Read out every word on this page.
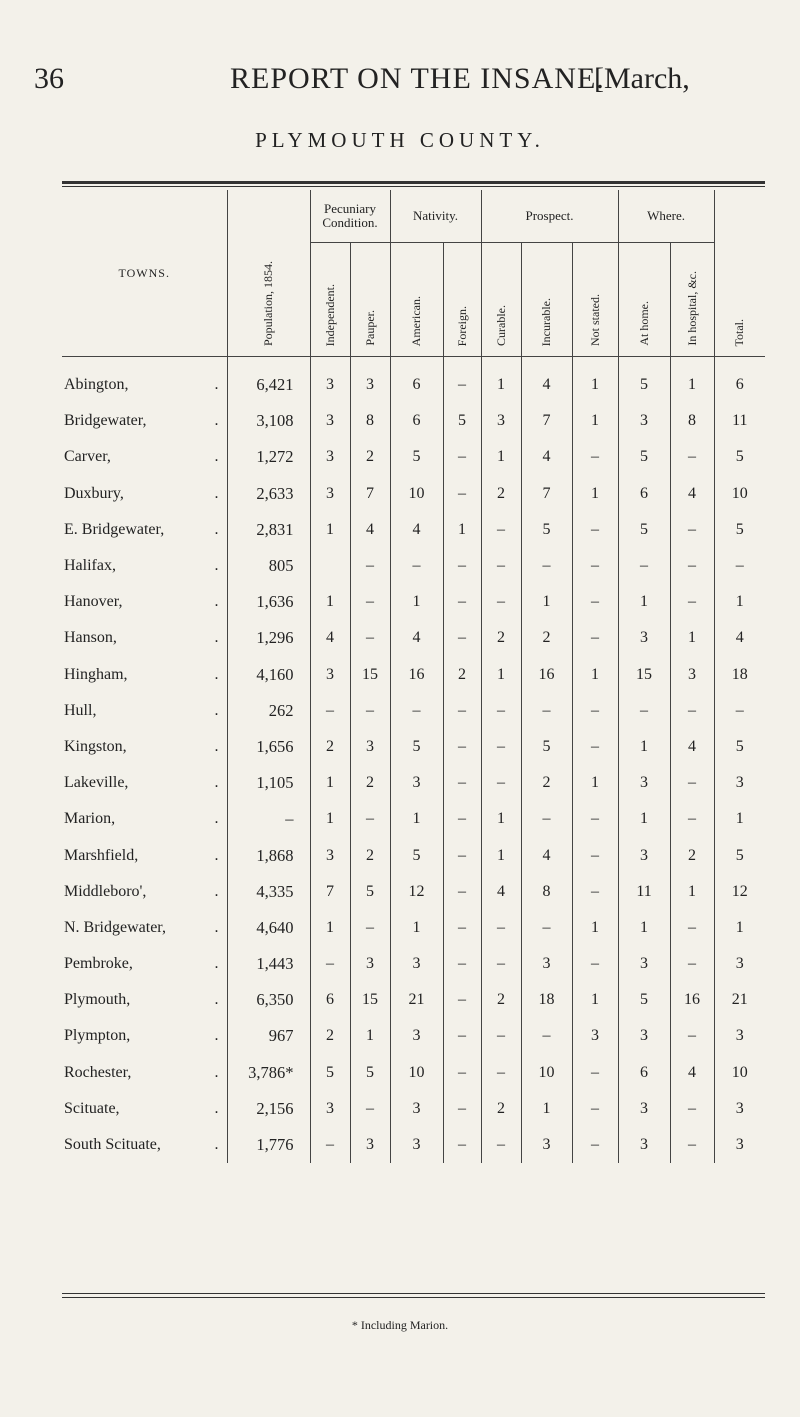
36	REPORT ON THE INSANE.
[March,
PLYMOUTH COUNTY.
TOWNS.	Population, 1854.	Pecuniary Condition.		Nativity.		Prospect.			Where.		Total.
		Independent.	Pauper.	American.	Foreign.	Curable.	Incurable.	Not stated.	At home.	In hospital, &c.	
Abington, .	6,421	3	3	6	–	1	4	1	5	1	6
Bridgewater, .	3,108	3	8	6	5	3	7	1	3	8	11
Carver, .	1,272	3	2	5	–	1	4	–	5	–	5
Duxbury, .	2,633	3	7	10	–	2	7	1	6	4	10
E. Bridgewater, .	2,831	1	4	4	1	–	5	–	5	–	5
Halifax, .	805		–	–	–	–	–	–	–	–	–
Hanover, .	1,636	1	–	1	–	–	1	–	1	–	1
Hanson, .	1,296	4	–	4	–	2	2	–	3	1	4
Hingham, .	4,160	3	15	16	2	1	16	1	15	3	18
Hull, .	262	–	–	–	–	–	–	–	–	–	–
Kingston, .	1,656	2	3	5	–	–	5	–	1	4	5
Lakeville, .	1,105	1	2	3	–	–	2	1	3	–	3
Marion, .	–	1	–	1	–	1	–	–	1	–	1
Marshfield, .	1,868	3	2	5	–	1	4	–	3	2	5
Middleboro', .	4,335	7	5	12	–	4	8	–	11	1	12
N. Bridgewater, .	4,640	1	–	1	–	–	–	1	1	–	1
Pembroke, .	1,443	–	3	3	–	–	3	–	3	–	3
Plymouth, .	6,350	6	15	21	–	2	18	1	5	16	21
Plympton, .	967	2	1	3	–	–	–	3	3	–	3
Rochester, .	3,786*	5	5	10	–	–	10	–	6	4	10
Scituate, .	2,156	3	–	3	–	2	1	–	3	–	3
South Scituate, .	1,776	–	3	3	–	–	3	–	3	–	3
* Including Marion.
